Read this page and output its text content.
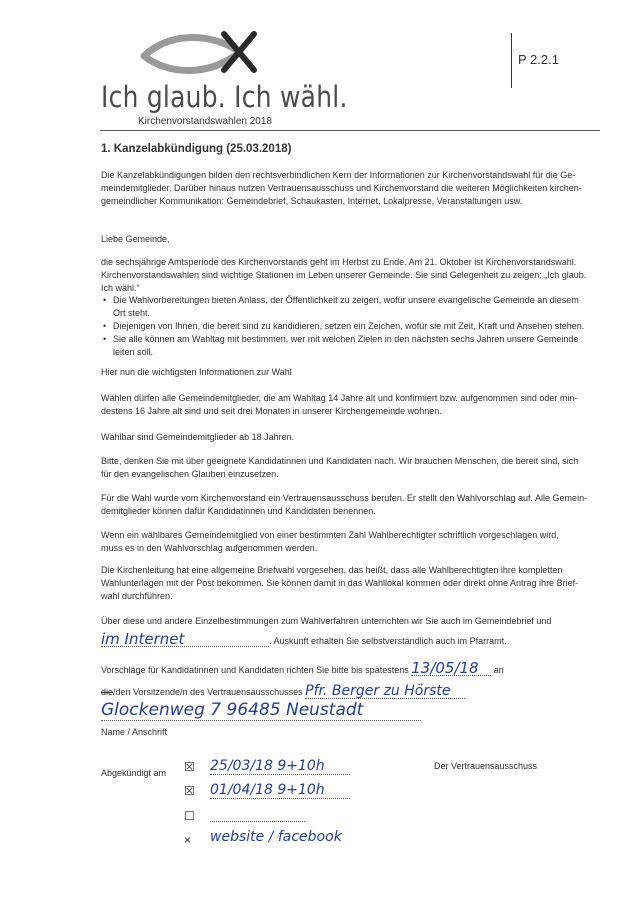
Ich glaub. Ich wähl.
Kirchenvorstandswahlen 2018
P 2.2.1
1. Kanzelabkündigung (25.03.2018)
Die Kanzelabkündigungen bilden den rechtsverbindlichen Kern der Informationen zur Kirchenvorstandswahl für die Ge-
meindemitglieder. Darüber hinaus nutzen Vertrauensausschuss und Kirchenvorstand die weiteren Möglichkeiten kirchen-
gemeindlicher Kommunikation: Gemeindebrief, Schaukasten, Internet, Lokalpresse, Veranstaltungen usw.
Liebe Gemeinde,
die sechsjährige Amtsperiode des Kirchenvorstands geht im Herbst zu Ende. Am 21. Oktober ist Kirchenvorstandswahl.
Kirchenvorstandswahlen sind wichtige Stationen im Leben unserer Gemeinde. Sie sind Gelegenheit zu zeigen: „Ich glaub.
Ich wähl.“
• Die Wahlvorbereitungen bieten Anlass, der Öffentlichkeit zu zeigen, wofür unsere evangelische Gemeinde an diesem
Ort steht.
• Diejenigen von Ihnen, die bereit sind zu kandidieren, setzen ein Zeichen, wofür sie mit Zeit, Kraft und Ansehen stehen.
• Sie alle können am Wahltag mit bestimmen, wer mit welchen Zielen in den nächsten sechs Jahren unsere Gemeinde
leiten soll.
Hier nun die wichtigsten Informationen zur Wahl
Wählen dürfen alle Gemeindemitglieder, die am Wahltag 14 Jahre alt und konfirmiert bzw. aufgenommen sind oder min-
destens 16 Jahre alt sind und seit drei Monaten in unserer Kirchengemeinde wohnen.
Wählbar sind Gemeindemitglieder ab 18 Jahren.
Bitte, denken Sie mit über geeignete Kandidatinnen und Kandidaten nach. Wir brauchen Menschen, die bereit sind, sich
für den evangelischen Glauben einzusetzen.
Für die Wahl wurde vom Kirchenvorstand ein Vertrauensausschuss berufen. Er stellt den Wahlvorschlag auf. Alle Gemein-
demitglieder können dafür Kandidatinnen und Kandidaten benennen.
Wenn ein wählbares Gemeindemitglied von einer bestimmten Zahl Wahlberechtigter schriftlich vorgeschlagen wird,
muss es in den Wahlvorschlag aufgenommen werden.
Die Kirchenleitung hat eine allgemeine Briefwahl vorgesehen, das heißt, dass alle Wahlberechtigten ihre kompletten
Wahlunterlagen mit der Post bekommen. Sie können damit in das Wahllokal kommen oder direkt ohne Antrag ihre Brief-
wahl durchführen.
Über diese und andere Einzelbestimmungen zum Wahlverfahren unterrichten wir Sie auch im Gemeindebrief und
im Internet	. Auskunft erhalten Sie selbstverständlich auch im Pfarramt.
Vorschläge für Kandidatinnen und Kandidaten richten Sie bitte bis spätestens 13/05/18 an
die/den Vorsitzende/n des Vertrauensausschusses Pfr. Berger zu Hörste
Glockenweg 7 96485 Neustadt
Name / Anschrift
Abgekündigt am
Der Vertrauensausschuss
☒ 25/03/18 9+10h
☒ 01/04/18 9+10h
☐
× website / facebook
